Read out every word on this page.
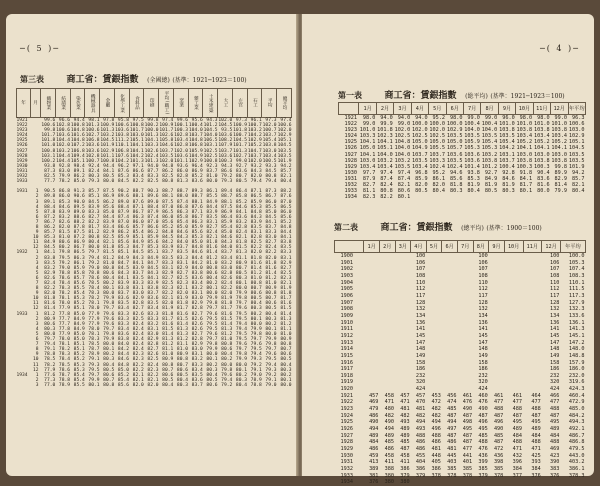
─( 5 )─
第三表	商工省：賃銀指數 (全國總) (基準：1921─1923＝100)
年	月	織物業	紡績業	染色業	機械器具	金屬	化學工業	食料品	印刷	平均(職工)	窯業	雜工業	土木建築	大工	左官	石工	平均	總平均
1921		99.6	96.6	94.4	98.1	97.8	95.8	97.5	99.8	97.4	99.6	95.6	94.3	102.0	97.3	96.1	97.3	97.4
1922		100.6	102.8	100.8	101.3	100.9	100.6	100.8	100.2	100.9	100.1	100.4	101.2	104.5	100.9	100.7	102.0	100.6
1923		99.8	100.6	104.8	100.6	101.3	103.6	101.7	100.0	101.7	100.3	104.0	104.5	93.5	101.8	103.2	100.7	102.0
1924		101.7	103.6	101.6	102.7	103.2	103.8	103.0	101.3	102.6	102.8	103.7	104.0	103.6	100.7	104.2	103.7	102.9
1925		101.8	104.4	104.8	106.8	104.5	111.2	105.1	104.1	105.8	103.4	104.8	106.5	108.2	104.5	102.9	105.4	105.1
1926		101.0	102.0	107.2	103.6	101.9	110.1	104.1	103.3	104.6	102.8	106.8	103.1	107.9	101.7	105.2	103.8	104.5
1927		100.8	103.2	106.8	103.6	102.9	106.8	104.1	102.6	103.7	102.0	105.9	102.5	103.7	101.3	104.7	103.0	103.5
1928		103.1	104.4	109.4	102.8	101.1	107.6	104.2	102.4	103.5	103.6	104.9	102.5	103.6	102.7	103.7	103.4	103.5
1929		100.2	104.4	105.1	100.7	100.8	104.2	101.3	101.3	102.0	101.1	102.9	100.8	100.3	99.0	102.0	100.5	101.9
1930		93.8	92.8	98.4	92.4	94.4	96.2	97.1	94.0	94.8	93.6	96.4	92.3	94.3	92.7	93.2	93.3	94.2
1931		87.3	83.0	89.1	82.4	84.1	87.6	86.6	87.7	86.2	86.0	86.9	83.7	86.6	83.6	84.3	84.5	85.7
1932		82.5	79.9	86.2	80.3	80.5	85.3	83.4	83.3	82.5	82.8	85.2	81.0	79.2	80.7	82.0	80.8	82.1
1933		77.7	78.2	85.0	79.3	80.0	84.5	82.2	82.5	80.8	81.3	83.6	80.0	79.3	80.5	79.4	79.4	80.4

1931	1	90.5	86.8	91.3	85.7	87.5	90.2	88.7	90.3	88.7	88.7	89.3	86.1	89.4	86.4	87.1	87.3	88.2
	2	89.8	86.0	90.6	85.1	86.9	89.6	88.1	89.6	88.1	88.0	88.7	85.5	88.7	85.8	86.5	86.7	87.6
	3	89.1	85.3	90.0	84.5	86.2	89.0	87.6	89.0	87.5	87.4	88.1	84.9	88.1	85.2	85.9	86.0	87.0
	4	88.4	84.6	89.5	83.9	85.6	88.4	87.1	88.4	87.0	86.8	87.6	84.4	87.5	84.6	85.3	85.5	86.5
	5	87.8	83.9	89.0	83.3	85.0	87.9	86.7	87.9	86.5	86.3	87.1	83.9	86.9	84.1	84.8	85.0	86.0
	6	87.2	83.2	88.6	82.7	84.4	87.4	86.3	87.4	86.0	85.8	86.7	83.5	86.4	83.6	84.3	84.5	85.6
	7	86.7	82.6	88.2	82.2	83.9	87.0	86.0	87.0	85.6	85.4	86.3	83.1	85.9	83.2	83.9	84.1	85.2
	8	86.2	82.0	87.8	81.7	83.4	86.6	85.7	86.6	85.2	85.0	85.9	82.7	85.4	82.8	83.5	83.7	84.8
	9	85.7	81.5	87.5	81.2	82.9	86.2	85.4	86.2	84.8	84.6	85.6	82.4	85.0	82.4	83.1	83.3	84.4
	10	85.3	81.0	87.2	80.8	82.5	85.9	85.1	85.9	84.5	84.3	85.3	82.1	84.6	82.1	82.8	83.0	84.1
	11	84.9	80.6	86.9	80.4	82.1	85.6	84.9	85.6	84.2	84.0	85.0	81.8	84.3	81.8	82.5	82.7	83.8
	12	84.5	80.2	86.7	80.0	81.8	85.3	84.7	85.3	83.9	83.7	84.8	81.6	84.0	81.5	82.2	82.4	83.5
1932	1	84.1	79.8	86.5	79.7	81.5	85.1	84.5	85.1	83.7	83.5	84.6	81.4	83.7	81.3	82.0	82.2	83.3
	2	83.8	79.5	86.3	79.4	81.2	84.9	84.3	84.9	83.5	83.3	84.4	81.2	83.4	81.1	81.8	82.0	83.1
	3	83.5	79.2	86.1	79.2	81.0	84.7	84.1	84.7	83.3	83.1	84.2	81.0	83.2	80.9	81.6	81.8	82.9
	4	83.2	79.0	85.9	79.0	80.8	84.5	83.9	84.5	83.1	82.9	84.0	80.8	83.0	80.7	81.4	81.6	82.7
	5	82.9	78.8	85.8	78.8	80.6	84.3	83.7	84.3	82.9	82.7	83.8	80.6	82.8	80.5	81.2	81.4	82.5
	6	82.6	78.6	85.7	78.6	80.4	84.1	83.5	84.1	82.7	82.5	83.6	80.4	82.6	80.3	81.0	81.2	82.3
	7	82.4	78.4	85.6	78.5	80.2	83.9	83.3	83.9	82.5	82.3	83.4	80.2	82.4	80.1	80.8	81.0	82.1
	8	82.2	78.3	85.5	78.4	80.1	83.8	83.1	83.8	82.3	82.1	83.2	80.1	82.2	80.0	80.7	80.9	81.9
	9	82.0	78.2	85.4	78.3	80.0	83.7	83.0	83.7	82.2	82.0	83.1	80.0	82.0	79.9	80.6	80.8	81.8
	10	81.8	78.1	85.3	78.2	79.9	83.6	82.9	83.6	82.1	81.9	83.0	79.9	81.9	79.8	80.5	80.7	81.7
	11	81.6	78.0	85.2	78.1	79.8	83.5	82.8	83.5	82.0	81.8	82.9	79.8	81.8	79.7	80.4	80.6	81.6
	12	81.4	77.9	85.1	78.0	79.7	83.4	82.7	83.4	81.9	81.7	82.8	79.7	81.7	79.6	80.3	80.5	81.5
1933	1	81.2	77.8	85.0	77.9	79.6	83.3	82.6	83.3	81.8	81.6	82.7	79.6	81.6	79.5	80.2	80.4	81.4
	2	80.9	77.7	84.9	77.9	79.6	83.3	82.5	83.3	81.7	81.5	82.6	79.5	81.5	79.5	80.1	80.3	81.3
	3	80.6	77.7	84.9	77.9	79.6	83.3	82.4	83.2	81.6	81.4	82.6	79.5	81.4	79.4	80.0	80.2	81.2
	4	80.3	77.8	84.9	78.0	79.7	83.4	82.4	83.1	81.5	81.3	82.6	79.5	81.3	79.4	79.9	80.1	81.1
	5	80.0	77.9	85.0	78.1	79.8	83.6	82.4	83.0	81.4	81.3	82.7	79.6	81.2	79.5	79.8	80.0	81.0
	6	79.7	78.0	85.0	78.3	79.9	83.8	82.4	82.9	81.3	81.2	82.8	79.7	81.0	79.5	79.7	79.9	80.9
	7	79.4	78.1	85.1	78.5	80.0	84.0	82.4	82.8	81.2	81.1	82.9	79.8	80.8	79.6	79.6	79.8	80.8
	8	79.1	78.2	85.1	78.7	80.1	84.2	82.4	82.7	81.1	81.0	83.0	79.9	80.6	79.7	79.5	79.7	80.7
	9	78.8	78.3	85.2	78.9	80.2	84.4	82.3	82.6	81.0	80.9	83.1	80.0	80.4	79.8	79.4	79.6	80.6
	10	78.5	78.4	85.2	79.1	80.3	84.6	82.3	82.5	80.9	80.8	83.2	80.1	80.2	79.9	79.3	79.5	80.5
	11	78.2	78.5	85.3	79.3	80.4	84.8	82.2	82.4	80.8	80.7	83.3	80.2	80.0	80.0	79.2	79.4	80.4
	12	77.9	78.6	85.3	79.5	80.5	85.0	82.2	82.3	80.7	80.6	83.4	80.3	79.8	80.1	79.1	79.3	80.3
1934	1	77.6	78.7	85.4	79.7	80.6	85.2	82.1	82.2	80.6	80.5	83.5	80.4	79.6	80.2	79.0	79.2	80.2
	2	77.3	78.8	85.4	79.9	80.7	85.4	82.1	82.1	80.5	80.4	83.6	80.5	79.4	80.3	78.9	79.1	80.1
	3	77.0	78.9	85.5	80.1	80.8	85.6	82.0	82.0	80.4	80.3	83.7	80.6	79.2	80.4	78.8	79.0	80.0
─( 4 )─
第一表	商工省：賃銀指數 (総平均) (基準：1921─1923＝100)
	1月	2月	3月	4月	5月	6月	7月	8月	9月	10月	11月	12月	年平均
1921	98.0	94.0	94.0	94.0	95.2	98.0	99.0	99.0	96.0	98.0	98.0	99.0	96.3
1922	99.0	99.9	99.0	100.0	100.0	100.0	100.4	100.4	101.0	101.0	101.0	101.0	100.6
1923	101.0	101.8	102.0	102.0	102.0	102.9	104.0	104.0	103.8	103.8	103.8	103.8	103.0
1924	103.3	102.3	102.5	102.5	102.5	103.5	103.5	103.5	103.5	103.4	103.4	103.4	102.9
1925	104.1	104.1	104.8	105.0	105.0	105.0	105.9	105.4	105.4	105.2	105.2	105.2	105.1
1926	105.0	105.1	104.0	104.9	105.5	105.7	105.3	105.3	104.2	104.1	104.1	104.1	104.5
1927	104.1	104.0	104.0	103.7	103.7	103.6	103.6	103.2	103.1	103.0	103.0	103.0	103.5
1928	103.0	103.2	103.2	103.5	103.3	103.5	103.6	103.8	103.7	103.8	103.8	103.8	103.5
1929	103.4	103.4	103.5	103.4	102.4	102.4	101.4	101.2	100.4	100.3	100.3	99.8	101.9
1930	97.7	97.4	97.4	96.8	95.2	94.6	93.8	92.7	92.8	91.8	90.4	89.9	94.2
1931	87.9	87.4	87.4	85.9	86.1	85.6	85.3	84.9	84.6	84.1	83.6	82.9	85.7
1932	82.7	82.4	82.1	82.0	82.0	81.8	81.9	81.9	81.9	81.7	81.6	81.4	82.1
1933	81.1	80.8	80.6	80.5	80.4	80.3	80.4	80.5	80.3	80.1	80.0	79.9	80.4
1934	82.3	82.2	80.1										
第二表	商工省：賃銀指數 (總平均) (基準：1900＝100)
	1月	2月	3月	4月	5月	6月	7月	8月	9月	10月	11月	12月	年平均
1900				100				100				100	100.0
1901				106				106				106	105.3
1902				107				107				107	107.4
1903				108				108				108	108.3
1904				110				110				110	110.1
1905				112				112				112	111.5
1906				117				117				117	117.3
1907				128				128				128	127.9
1908				132				132				132	132.3
1909				134				134				134	133.6
1910				136				136				136	136.1
1911				141				141				141	141.3
1912				145				145				145	145.1
1913				147				147				147	147.2
1914				148				148				148	148.0
1915				149				149				149	148.8
1916				158				158				158	157.9
1917				186				186				186	186.0
1918				232				232				232	232.0
1919				320				320				320	319.6
1920				424				424				424	424.3
1921	457	458	457	457	453	456	461	460	461	461	464	466	460.4
1922	469	471	471	470	472	474	476	476	477	477	477	477	472.9
1923	479	480	481	481	482	485	490	490	488	488	488	488	485.0
1924	486	482	482	482	482	487	487	487	487	487	487	487	484.2
1925	490	490	493	494	494	494	498	496	496	495	495	495	494.3
1926	494	494	489	493	496	497	495	495	490	489	489	489	492.1
1927	489	489	489	488	488	487	487	485	485	484	484	484	486.7
1928	484	485	485	486	486	486	487	488	487	488	488	488	486.8
1929	486	486	487	486	481	481	477	476	472	471	471	469	479.5
1930	459	458	458	455	448	445	441	436	436	432	425	423	443.0
1931	413	411	411	404	405	403	401	399	398	396	393	390	403.2
1932	389	388	386	386	386	385	385	385	385	384	384	383	386.1
1933	381	380	379	379	378	378	378	379	378	377	376	376	378.3
1934	376	380	380										
